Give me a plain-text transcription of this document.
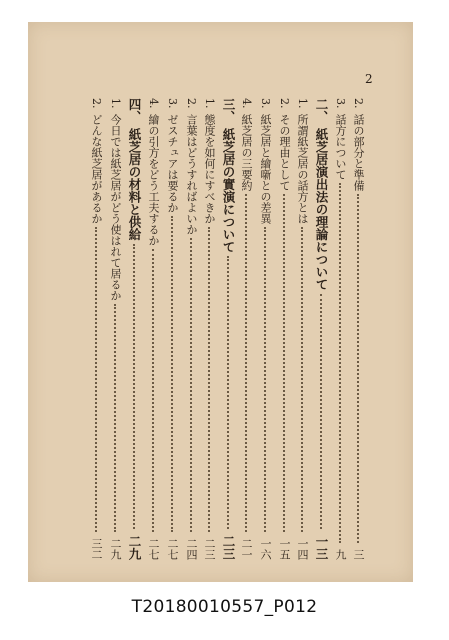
2
2.
話の部分と準備
三
3.
話方について
九
二、
紙芝居演出法の理論について
一三
1.
所謂紙芝居の話方とは
一四
2.
その理由として
一五
3.
紙芝居と繪噺との差異
一六
4.
紙芝居の三要約
二一
三、
紙芝居の實演について
二三
1.
態度を如何にすべきか
二三
2.
言葉はどうすればよいか
二四
3.
ゼスチュアは要るか
二七
4.
繪の引方をどう工夫するか
二七
四、
紙芝居の材料と供給
二九
1.
今日では紙芝居がどう使はれて居るか
二九
2.
どんな紙芝居があるか
三二
T20180010557_P012
